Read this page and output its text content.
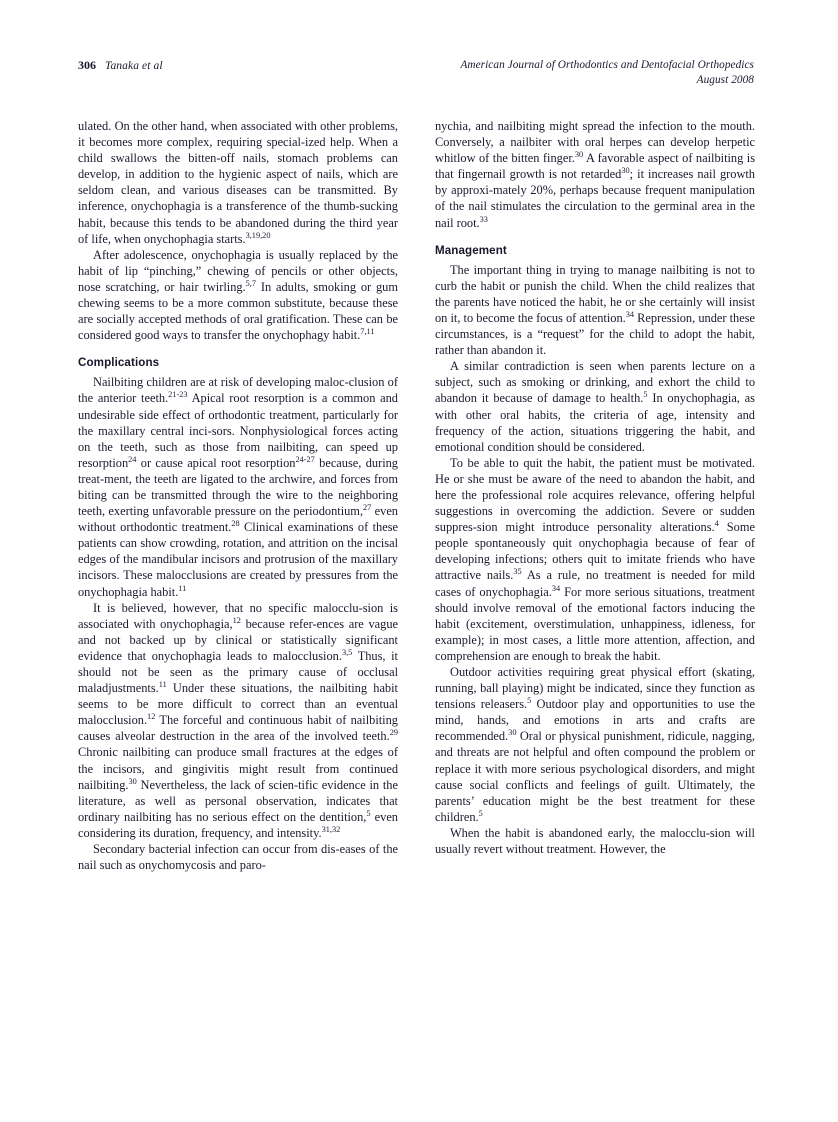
306 Tanaka et al	American Journal of Orthodontics and Dentofacial Orthopedics
August 2008

ulated. On the other hand, when associated with other problems, it becomes more complex, requiring special-ized help. When a child swallows the bitten-off nails, stomach problems can develop, in addition to the hygienic aspect of nails, which are seldom clean, and various diseases can be transmitted. By inference, onychophagia is a transference of the thumb-sucking habit, because this tends to be abandoned during the third year of life, when onychophagia starts.$^{3,19,20}$

After adolescence, onychophagia is usually replaced by the habit of lip “pinching,” chewing of pencils or other objects, nose scratching, or hair twirling.$^{5,7}$ In adults, smoking or gum chewing seems to be a more common substitute, because these are socially accepted methods of oral gratification. These can be considered good ways to transfer the onychophagy habit.$^{7,11}$

Complications

Nailbiting children are at risk of developing maloc-clusion of the anterior teeth.$^{21-23}$ Apical root resorption is a common and undesirable side effect of orthodontic treatment, particularly for the maxillary central inci-sors. Nonphysiological forces acting on the teeth, such as those from nailbiting, can speed up resorption$^{24}$ or cause apical root resorption$^{24-27}$ because, during treat-ment, the teeth are ligated to the archwire, and forces from biting can be transmitted through the wire to the neighboring teeth, exerting unfavorable pressure on the periodontium,$^{27}$ even without orthodontic treatment.$^{28}$ Clinical examinations of these patients can show crowding, rotation, and attrition on the incisal edges of the mandibular incisors and protrusion of the maxillary incisors. These malocclusions are created by pressures from the onychophagia habit.$^{11}$

It is believed, however, that no specific malocclu-sion is associated with onychophagia,$^{12}$ because refer-ences are vague and not backed up by clinical or statistically significant evidence that onychophagia leads to malocclusion.$^{3,5}$ Thus, it should not be seen as the primary cause of occlusal maladjustments.$^{11}$ Under these situations, the nailbiting habit seems to be more difficult to correct than an eventual malocclusion.$^{12}$ The forceful and continuous habit of nailbiting causes alveolar destruction in the area of the involved teeth.$^{29}$ Chronic nailbiting can produce small fractures at the edges of the incisors, and gingivitis might result from continued nailbiting.$^{30}$ Nevertheless, the lack of scien-tific evidence in the literature, as well as personal observation, indicates that ordinary nailbiting has no serious effect on the dentition,$^5$ even considering its duration, frequency, and intensity.$^{31,32}$

Secondary bacterial infection can occur from dis-eases of the nail such as onychomycosis and paro-

nychia, and nailbiting might spread the infection to the mouth. Conversely, a nailbiter with oral herpes can develop herpetic whitlow of the bitten finger.$^{30}$ A favorable aspect of nailbiting is that fingernail growth is not retarded$^{30}$; it increases nail growth by approxi-mately 20%, perhaps because frequent manipulation of the nail stimulates the circulation to the germinal area in the nail root.$^{33}$

Management

The important thing in trying to manage nailbiting is not to curb the habit or punish the child. When the child realizes that the parents have noticed the habit, he or she certainly will insist on it, to become the focus of attention.$^{34}$ Repression, under these circumstances, is a “request” for the child to adopt the habit, rather than abandon it.

A similar contradiction is seen when parents lecture on a subject, such as smoking or drinking, and exhort the child to abandon it because of damage to health.$^5$ In onychophagia, as with other oral habits, the criteria of age, intensity and frequency of the action, situations triggering the habit, and emotional condition should be considered.

To be able to quit the habit, the patient must be motivated. He or she must be aware of the need to abandon the habit, and here the professional role acquires relevance, offering helpful suggestions in overcoming the addiction. Severe or sudden suppres-sion might introduce personality alterations.$^4$ Some people spontaneously quit onychophagia because of fear of developing infections; others quit to imitate friends who have attractive nails.$^{35}$ As a rule, no treatment is needed for mild cases of onychophagia.$^{34}$ For more serious situations, treatment should involve removal of the emotional factors inducing the habit (excitement, overstimulation, unhappiness, idleness, for example); in most cases, a little more attention, affection, and comprehension are enough to break the habit.

Outdoor activities requiring great physical effort (skating, running, ball playing) might be indicated, since they function as tensions releasers.$^5$ Outdoor play and opportunities to use the mind, hands, and emotions in arts and crafts are recommended.$^{30}$ Oral or physical punishment, ridicule, nagging, and threats are not helpful and often compound the problem or replace it with more serious psychological disorders, and might cause social conflicts and feelings of guilt. Ultimately, the parents’ education might be the best treatment for these children.$^5$

When the habit is abandoned early, the malocclu-sion will usually revert without treatment. However, the
